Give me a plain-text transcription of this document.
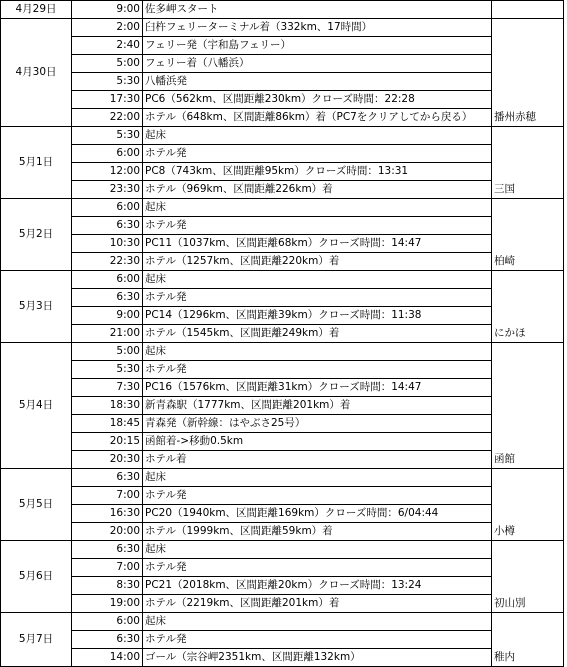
4月29日	9:00	佐多岬スタート	
4月30日	2:00	臼杵フェリーターミナル着（332km、17時間）	播州赤穂
	2:40	フェリー発（宇和島フェリー）	
	5:00	フェリー着（八幡浜）	
	5:30	八幡浜発	
	17:30	PC6（562km、区間距離230km）クローズ時間：22:28	
	22:00	ホテル（648km、区間距離86km）着（PC7をクリアしてから戻る）	
5月1日	5:30	起床	三国
	6:00	ホテル発	
	12:00	PC8（743km、区間距離95km）クローズ時間：13:31	
	23:30	ホテル（969km、区間距離226km）着	
5月2日	6:00	起床	柏崎
	6:30	ホテル発	
	10:30	PC11（1037km、区間距離68km）クローズ時間：14:47	
	22:30	ホテル（1257km、区間距離220km）着	
5月3日	6:00	起床	にかほ
	6:30	ホテル発	
	9:00	PC14（1296km、区間距離39km）クローズ時間：11:38	
	21:00	ホテル（1545km、区間距離249km）着	
5月4日	5:00	起床	函館
	5:30	ホテル発	
	7:30	PC16（1576km、区間距離31km）クローズ時間：14:47	
	18:30	新青森駅（1777km、区間距離201km）着	
	18:45	青森発（新幹線：はやぶさ25号）	
	20:15	函館着->移動0.5km	
	20:30	ホテル着	
5月5日	6:30	起床	小樽
	7:00	ホテル発	
	16:30	PC20（1940km、区間距離169km）クローズ時間：6/04:44	
	20:00	ホテル（1999km、区間距離59km）着	
5月6日	6:30	起床	初山別
	7:00	ホテル発	
	8:30	PC21（2018km、区間距離20km）クローズ時間：13:24	
	19:00	ホテル（2219km、区間距離201km）着	
5月7日	6:00	起床	稚内
	6:30	ホテル発	
	14:00	ゴール（宗谷岬2351km、区間距離132km）	
